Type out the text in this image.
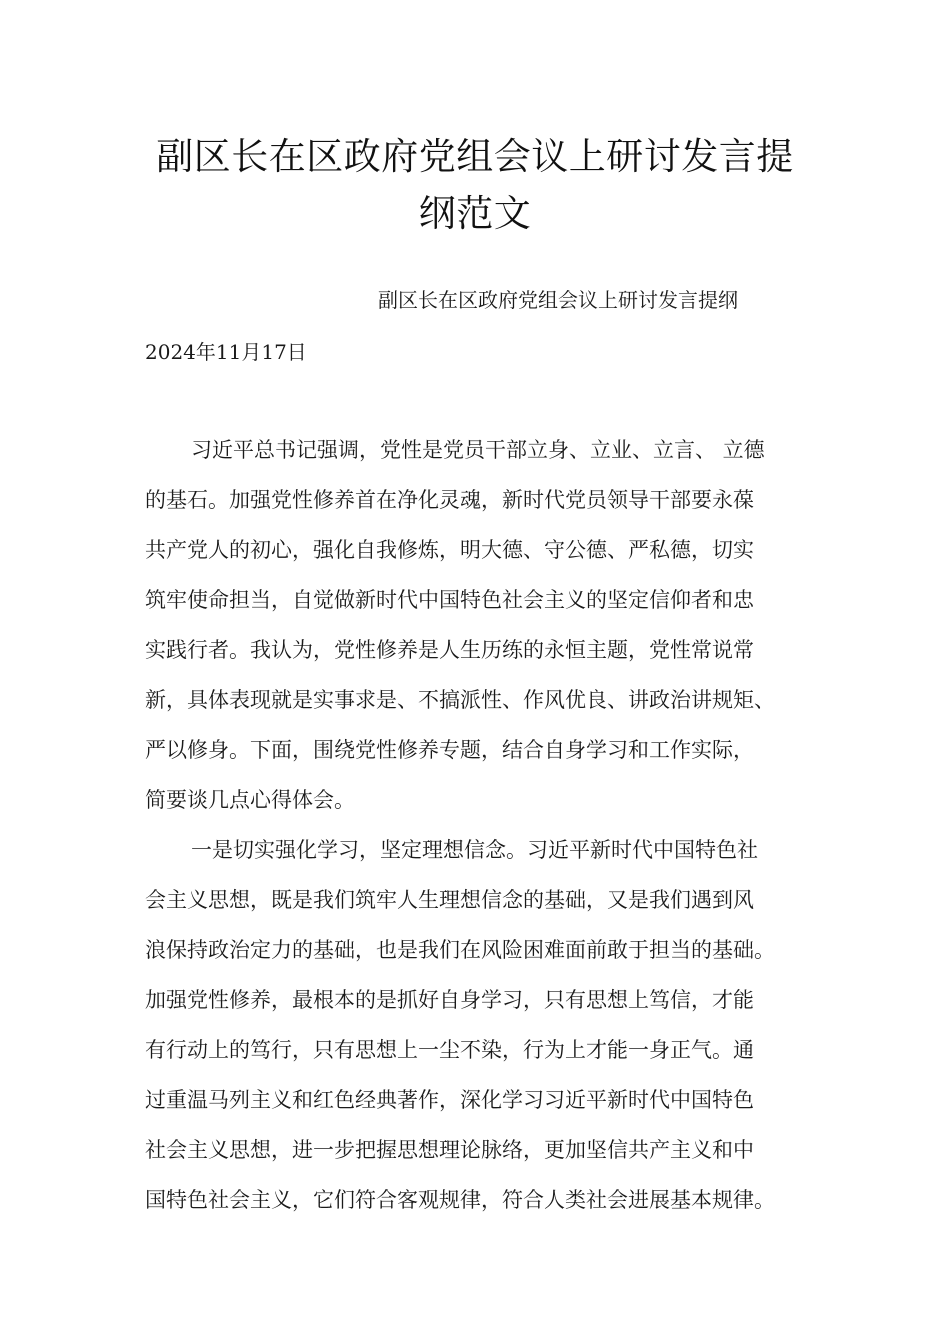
副区长在区政府党组会议上研讨发言提
纲范文
副区长在区政府党组会议上研讨发言提纲
2024年11月17日
习近平总书记强调，党性是党员干部立身、立业、立言、 立德
的基石。加强党性修养首在净化灵魂，新时代党员领导干部要永葆
共产党人的初心，强化自我修炼，明大德、守公德、严私德，切实
筑牢使命担当，自觉做新时代中国特色社会主义的坚定信仰者和忠
实践行者。我认为，党性修养是人生历练的永恒主题，党性常说常
新，具体表现就是实事求是、不搞派性、作风优良、讲政治讲规矩、
严以修身。下面，围绕党性修养专题，结合自身学习和工作实际，
简要谈几点心得体会。
一是切实强化学习，坚定理想信念。习近平新时代中国特色社
会主义思想，既是我们筑牢人生理想信念的基础，又是我们遇到风
浪保持政治定力的基础，也是我们在风险困难面前敢于担当的基础。
加强党性修养，最根本的是抓好自身学习，只有思想上笃信，才能
有行动上的笃行，只有思想上一尘不染，行为上才能一身正气。通
过重温马列主义和红色经典著作，深化学习习近平新时代中国特色
社会主义思想，进一步把握思想理论脉络，更加坚信共产主义和中
国特色社会主义，它们符合客观规律，符合人类社会进展基本规律。
